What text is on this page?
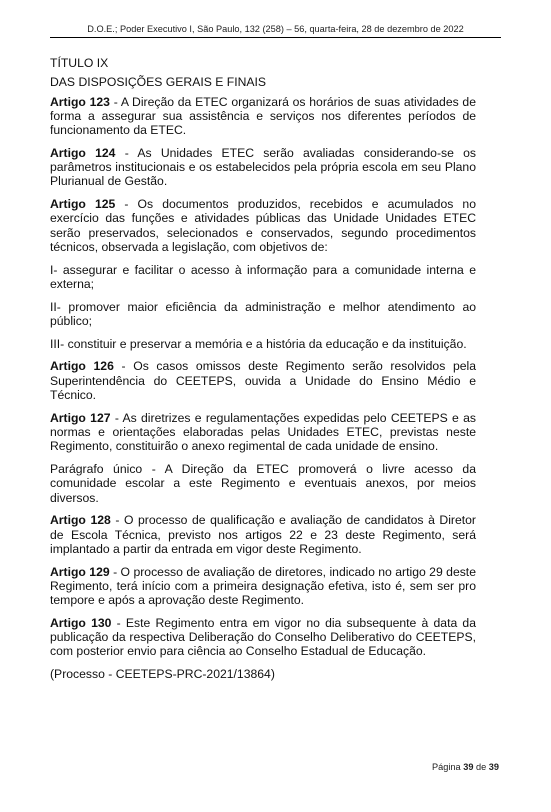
D.O.E.; Poder Executivo I, São Paulo, 132 (258) – 56, quarta-feira, 28 de dezembro de 2022

TÍTULO IX

DAS DISPOSIÇÕES GERAIS E FINAIS

Artigo 123 - A Direção da ETEC organizará os horários de suas atividades de forma a assegurar sua assistência e serviços nos diferentes períodos de funcionamento da ETEC.

Artigo 124 - As Unidades ETEC serão avaliadas considerando-se os parâmetros institucionais e os estabelecidos pela própria escola em seu Plano Plurianual de Gestão.

Artigo 125 - Os documentos produzidos, recebidos e acumulados no exercício das funções e atividades públicas das Unidade Unidades ETEC serão preservados, selecionados e conservados, segundo procedimentos técnicos, observada a legislação, com objetivos de:

I- assegurar e facilitar o acesso à informação para a comunidade interna e externa;

II- promover maior eficiência da administração e melhor atendimento ao público;

III- constituir e preservar a memória e a história da educação e da instituição.

Artigo 126 - Os casos omissos deste Regimento serão resolvidos pela Superintendência do CEETEPS, ouvida a Unidade do Ensino Médio e Técnico.

Artigo 127 - As diretrizes e regulamentações expedidas pelo CEETEPS e as normas e orientações elaboradas pelas Unidades ETEC, previstas neste Regimento, constituirão o anexo regimental de cada unidade de ensino.

Parágrafo único - A Direção da ETEC promoverá o livre acesso da comunidade escolar a este Regimento e eventuais anexos, por meios diversos.

Artigo 128 - O processo de qualificação e avaliação de candidatos à Diretor de Escola Técnica, previsto nos artigos 22 e 23 deste Regimento, será implantado a partir da entrada em vigor deste Regimento.

Artigo 129 - O processo de avaliação de diretores, indicado no artigo 29 deste Regimento, terá início com a primeira designação efetiva, isto é, sem ser pro tempore e após a aprovação deste Regimento.

Artigo 130 - Este Regimento entra em vigor no dia subsequente à data da publicação da respectiva Deliberação do Conselho Deliberativo do CEETEPS, com posterior envio para ciência ao Conselho Estadual de Educação.

(Processo - CEETEPS-PRC-2021/13864)

Página 39 de 39
